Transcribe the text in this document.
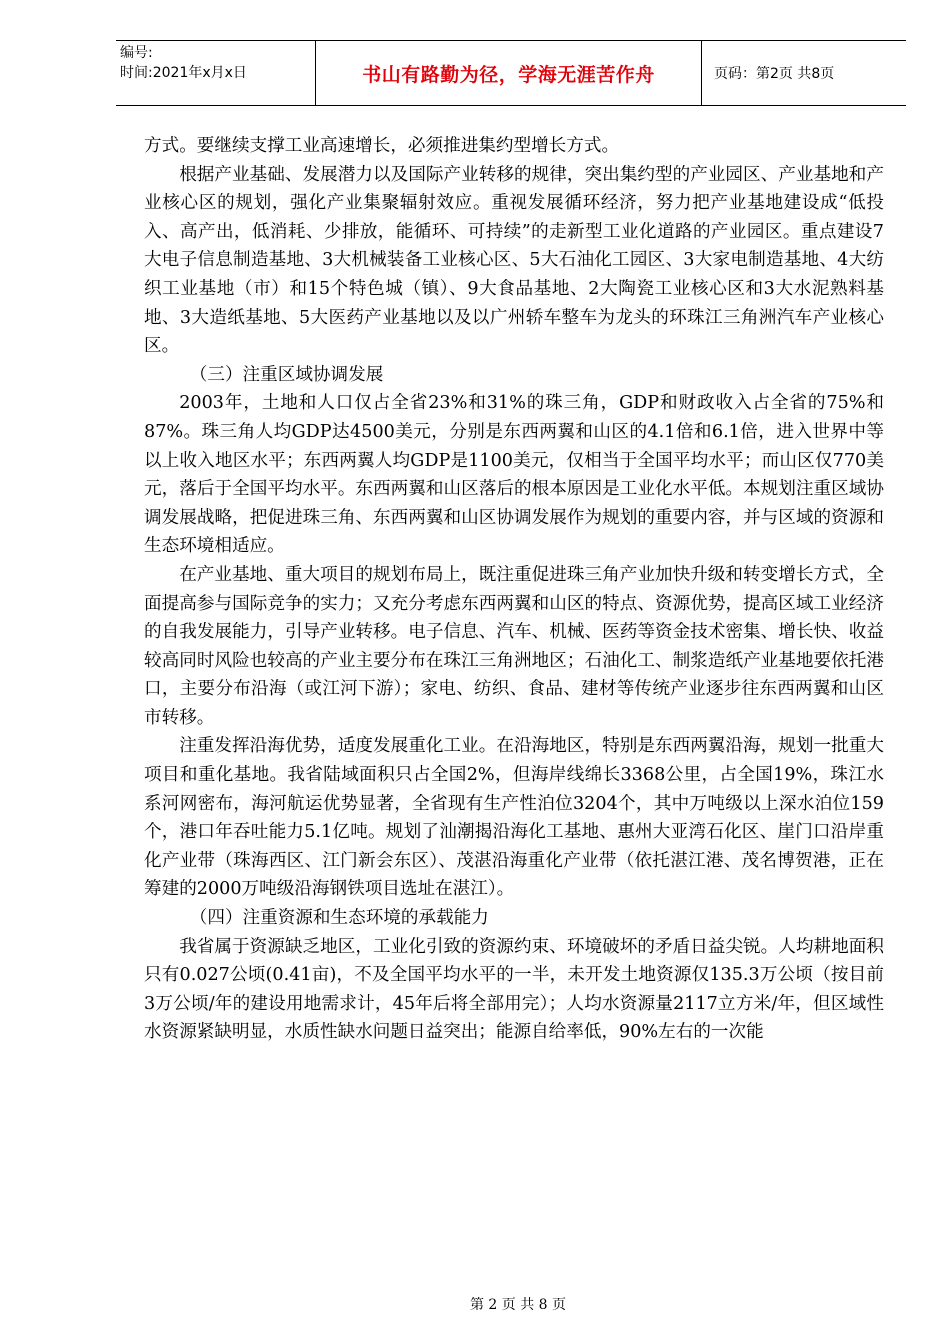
编号:
时间:2021年x月x日	书山有路勤为径，学海无涯苦作舟	页码：第2页 共8页

方式。要继续支撑工业高速增长，必须推进集约型增长方式。

根据产业基础、发展潜力以及国际产业转移的规律，突出集约型的产业园区、产业基地和产业核心区的规划，强化产业集聚辐射效应。重视发展循环经济，努力把产业基地建设成“低投入、高产出，低消耗、少排放，能循环、可持续”的走新型工业化道路的产业园区。重点建设7大电子信息制造基地、3大机械装备工业核心区、5大石油化工园区、3大家电制造基地、4大纺织工业基地（市）和15个特色城（镇）、9大食品基地、2大陶瓷工业核心区和3大水泥熟料基地、3大造纸基地、5大医药产业基地以及以广州轿车整车为龙头的环珠江三角洲汽车产业核心区。

（三）注重区域协调发展

2003年，土地和人口仅占全省23%和31%的珠三角，GDP和财政收入占全省的75%和87%。珠三角人均GDP达4500美元，分别是东西两翼和山区的4.1倍和6.1倍，进入世界中等以上收入地区水平；东西两翼人均GDP是1100美元，仅相当于全国平均水平；而山区仅770美元，落后于全国平均水平。东西两翼和山区落后的根本原因是工业化水平低。本规划注重区域协调发展战略，把促进珠三角、东西两翼和山区协调发展作为规划的重要内容，并与区域的资源和生态环境相适应。

在产业基地、重大项目的规划布局上，既注重促进珠三角产业加快升级和转变增长方式，全面提高参与国际竞争的实力；又充分考虑东西两翼和山区的特点、资源优势，提高区域工业经济的自我发展能力，引导产业转移。电子信息、汽车、机械、医药等资金技术密集、增长快、收益较高同时风险也较高的产业主要分布在珠江三角洲地区；石油化工、制浆造纸产业基地要依托港口，主要分布沿海（或江河下游）；家电、纺织、食品、建材等传统产业逐步往东西两翼和山区市转移。

注重发挥沿海优势，适度发展重化工业。在沿海地区，特别是东西两翼沿海，规划一批重大项目和重化基地。我省陆域面积只占全国2%，但海岸线绵长3368公里，占全国19%，珠江水系河网密布，海河航运优势显著，全省现有生产性泊位3204个，其中万吨级以上深水泊位159个，港口年吞吐能力5.1亿吨。规划了汕潮揭沿海化工基地、惠州大亚湾石化区、崖门口沿岸重化产业带（珠海西区、江门新会东区）、茂湛沿海重化产业带（依托湛江港、茂名博贺港，正在筹建的2000万吨级沿海钢铁项目选址在湛江）。

（四）注重资源和生态环境的承载能力

我省属于资源缺乏地区，工业化引致的资源约束、环境破坏的矛盾日益尖锐。人均耕地面积只有0.027公顷(0.41亩)，不及全国平均水平的一半，未开发土地资源仅135.3万公顷（按目前3万公顷/年的建设用地需求计，45年后将全部用完）；人均水资源量2117立方米/年，但区域性水资源紧缺明显，水质性缺水问题日益突出；能源自给率低，90%左右的一次能

第 2 页 共 8 页
